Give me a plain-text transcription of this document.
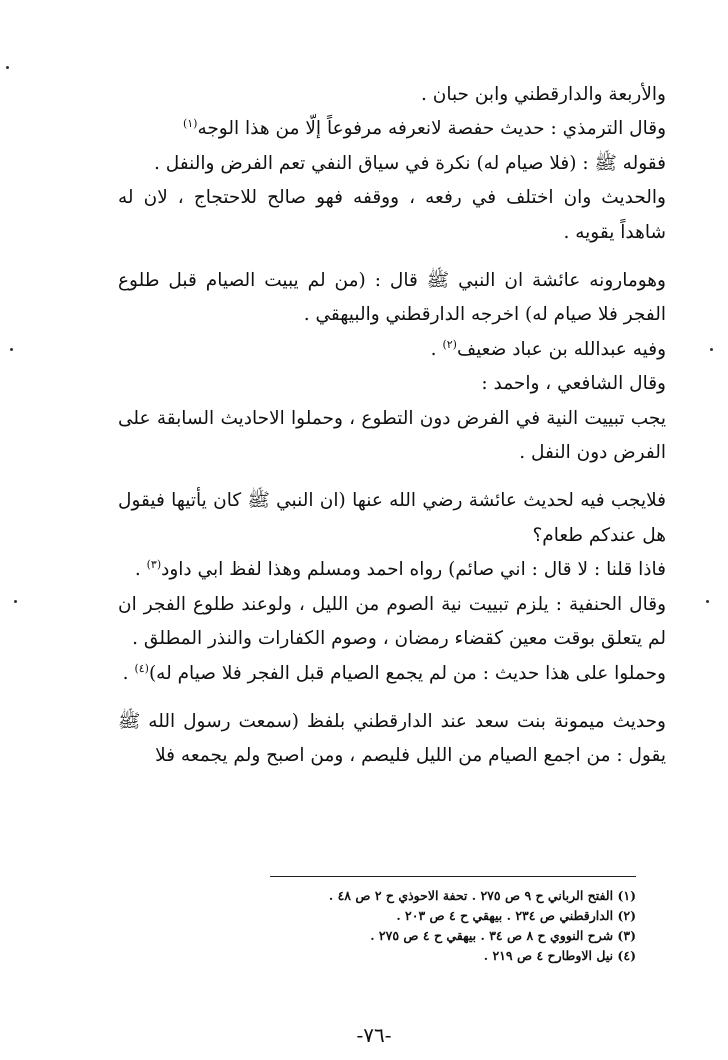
والأربعة والدارقطني وابن حبان .

وقال الترمذي : حديث حفصة لانعرفه مرفوعاً إلّا من هذا الوجه$^{(١)}$

فقوله ﷺ : (فلا صيام له) نكرة في سياق النفي تعم الفرض والنفل .

والحديث وان اختلف في رفعه ، ووقفه فهو صالح للاحتجاج ، لان له شاهداً يقويه .

وهومارونه عائشة ان النبي ﷺ قال : (من لم يبيت الصيام قبل طلوع الفجر فلا صيام له) اخرجه الدارقطني والبيهقي .

وفيه عبدالله بن عباد ضعيف$^{(٢)}$ .

وقال الشافعي ، واحمد :

يجب تبييت النية في الفرض دون التطوع ، وحملوا الاحاديث السابقة على الفرض دون النفل .

فلايجب فيه لحديث عائشة رضي الله عنها (ان النبي ﷺ كان يأتيها فيقول هل عندكم طعام؟

فاذا قلنا : لا قال : اني صائم) رواه احمد ومسلم وهذا لفظ ابي داود$^{(٣)}$ .

وقال الحنفية : يلزم تبييت نية الصوم من الليل ، ولوعند طلوع الفجر ان لم يتعلق بوقت معين كقضاء رمضان ، وصوم الكفارات والنذر المطلق .

وحملوا على هذا حديث : من لم يجمع الصيام قبل الفجر فلا صيام له)$^{(٤)}$ .

وحديث ميمونة بنت سعد عند الدارقطني بلفظ (سمعت رسول الله ﷺ يقول : من اجمع الصيام من الليل فليصم ، ومن اصبح ولم يجمعه فلا

(١) الفتح الرباني ح ٩ ص ٢٧٥ . تحفة الاحوذي ح ٢ ص ٤٨ .

(٢) الدارقطني ص ٢٣٤ . بيهقي ح ٤ ص ٢٠٣ .

(٣) شرح النووي ح ٨ ص ٣٤ . بيهقي ح ٤ ص ٢٧٥ .

(٤) نيل الاوطارح ٤ ص ٢١٩ .

-٧٦-
